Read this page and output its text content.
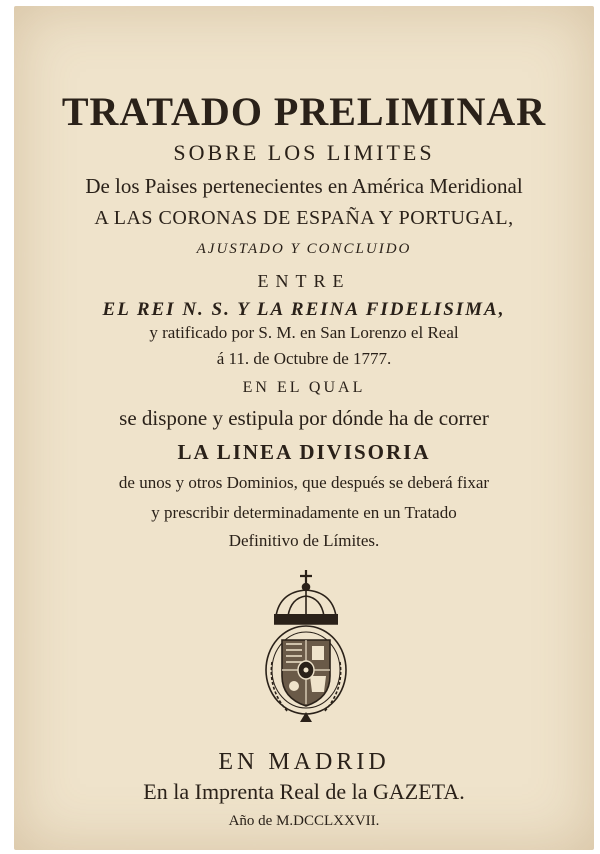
TRATADO PRELIMINAR
SOBRE LOS LIMITES
De los Paises pertenecientes en América Meridional
A LAS CORONAS DE ESPAÑA Y PORTUGAL,
AJUSTADO Y CONCLUIDO
ENTRE
EL REI N. S. Y LA REINA FIDELISIMA,
y ratificado por S. M. en San Lorenzo el Real
á 11. de Octubre de 1777.
EN EL QUAL
se dispone y estipula por dónde ha de correr
LA LINEA DIVISORIA
de unos y otros Dominios, que después se deberá fixar
y prescribir determinadamente en un Tratado
Definitivo de Límites.
EN MADRID
En la Imprenta Real de la GAZETA.
Año de M.DCCLXXVII.
